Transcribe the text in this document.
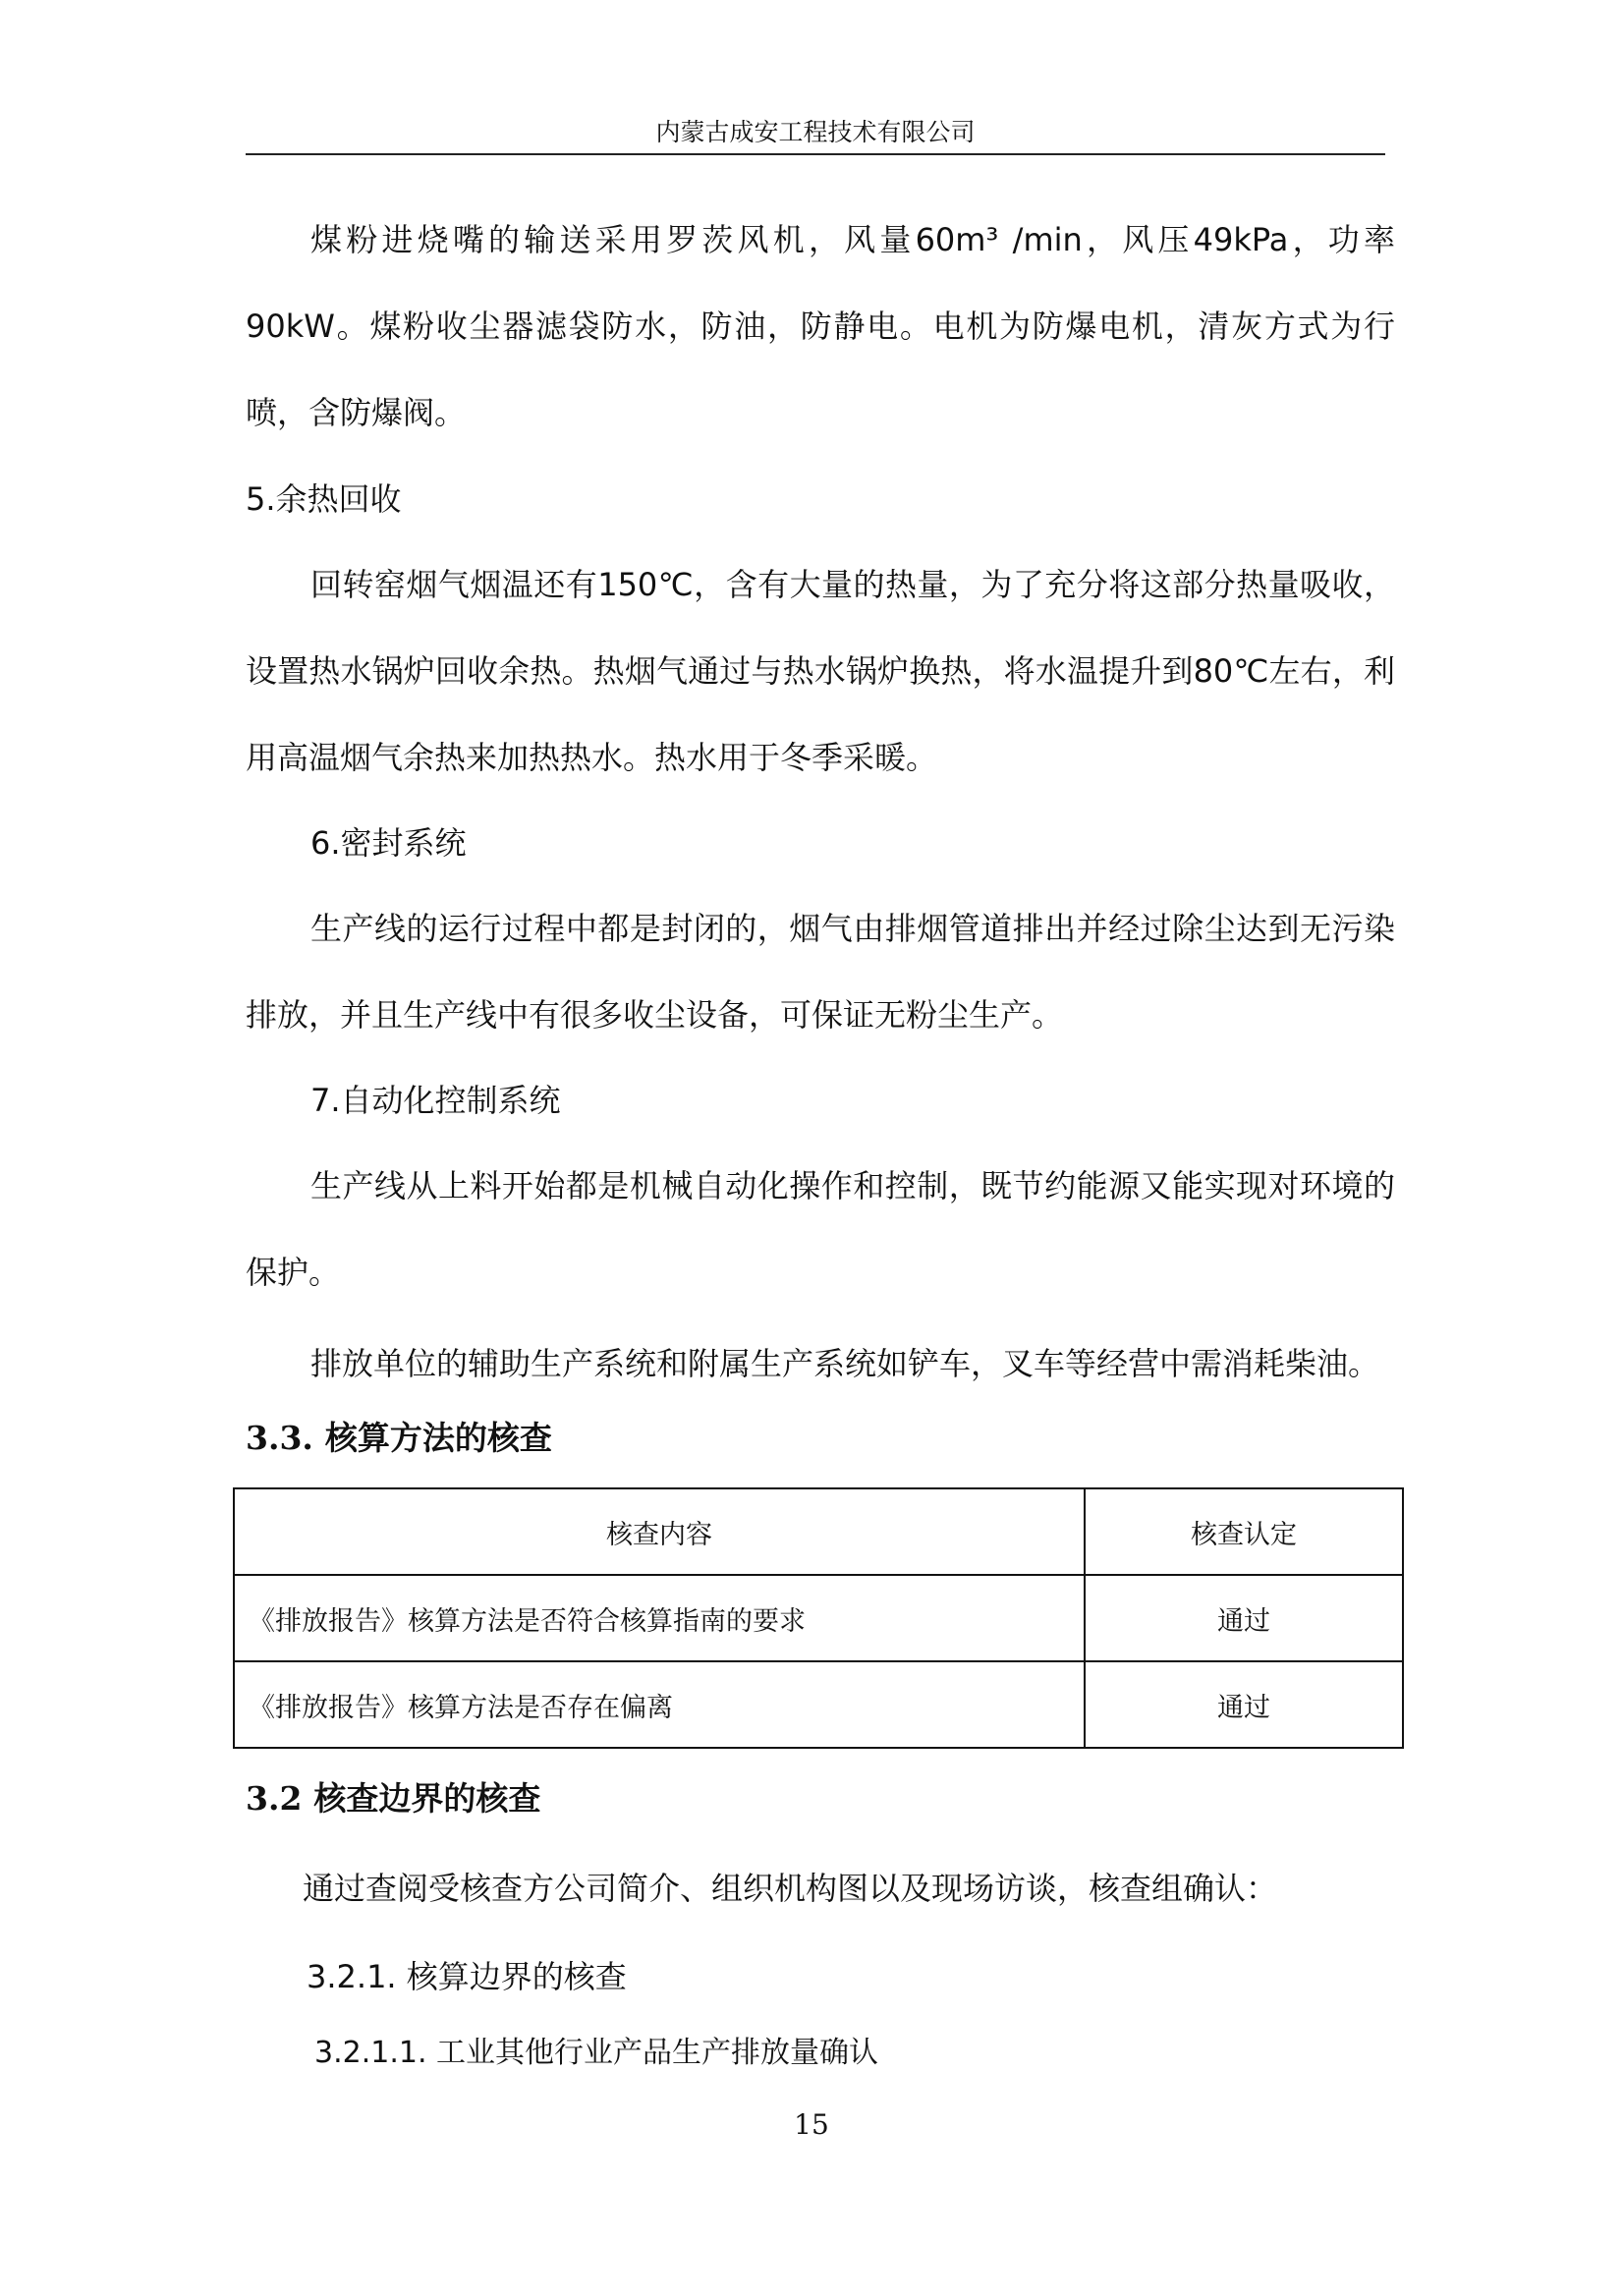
内蒙古成安工程技术有限公司

煤粉进烧嘴的输送采用罗茨风机，风量60m³ /min，风压49kPa，功率90kW。煤粉收尘器滤袋防水，防油，防静电。电机为防爆电机，清灰方式为行喷，含防爆阀。

5.余热回收

回转窑烟气烟温还有150℃，含有大量的热量，为了充分将这部分热量吸收，设置热水锅炉回收余热。热烟气通过与热水锅炉换热，将水温提升到80℃左右，利用高温烟气余热来加热热水。热水用于冬季采暖。

6.密封系统

生产线的运行过程中都是封闭的，烟气由排烟管道排出并经过除尘达到无污染排放，并且生产线中有很多收尘设备，可保证无粉尘生产。

7.自动化控制系统

生产线从上料开始都是机械自动化操作和控制，既节约能源又能实现对环境的保护。

排放单位的辅助生产系统和附属生产系统如铲车，叉车等经营中需消耗柴油。
3.3. 核算方法的核查
核查内容	核查认定
《排放报告》核算方法是否符合核算指南的要求	通过
《排放报告》核算方法是否存在偏离	通过
3.2 核查边界的核查
通过查阅受核查方公司简介、组织机构图以及现场访谈，核查组确认：
3.2.1. 核算边界的核查
3.2.1.1. 工业其他行业产品生产排放量确认
15
